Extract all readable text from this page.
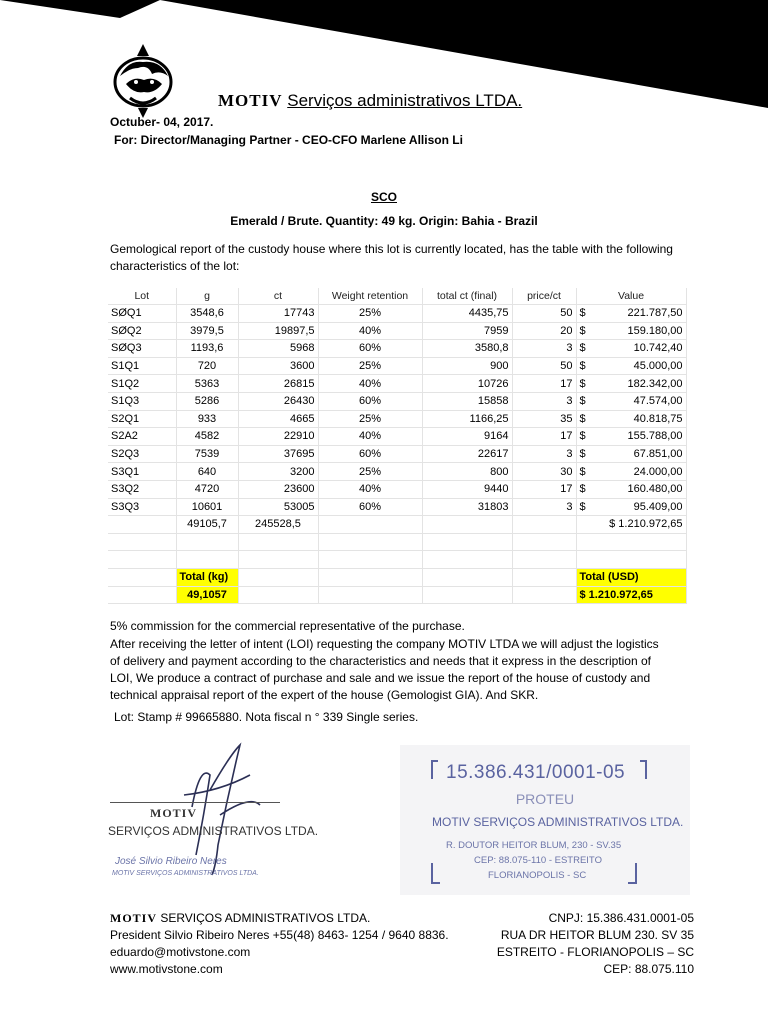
MOTIV Serviços administrativos LTDA.
Octuber- 04, 2017.
For: Director/Managing Partner - CEO-CFO Marlene Allison Li
SCO
Emerald / Brute. Quantity: 49 kg. Origin: Bahia - Brazil
Gemological report of the custody house where this lot is currently located, has the table with the following characteristics of the lot:
Lot	g	ct	Weight retention	total ct (final)	price/ct	Value	
SØQ1	3548,6	17743	25%	4435,75	50	$	221.787,50
SØQ2	3979,5	19897,5	40%	7959	20	$	159.180,00
SØQ3	1193,6	5968	60%	3580,8	3	$	10.742,40
S1Q1	720	3600	25%	900	50	$	45.000,00
S1Q2	5363	26815	40%	10726	17	$	182.342,00
S1Q3	5286	26430	60%	15858	3	$	47.574,00
S2Q1	933	4665	25%	1166,25	35	$	40.818,75
S2A2	4582	22910	40%	9164	17	$	155.788,00
S2Q3	7539	37695	60%	22617	3	$	67.851,00
S3Q1	640	3200	25%	800	30	$	24.000,00
S3Q2	4720	23600	40%	9440	17	$	160.480,00
S3Q3	10601	53005	60%	31803	3	$	95.409,00
	49105,7	245528,5				$ 1.210.972,65	

	Total (kg)					Total (USD)	
	49,1057					$ 1.210.972,65	
5% commission for the commercial representative of the purchase.
After receiving the letter of intent (LOI) requesting the company MOTIV LTDA we will adjust the logistics of delivery and payment according to the characteristics and needs that it express in the description of LOI, We produce a contract of purchase and sale and we issue the report of the house of custody and technical appraisal report of the expert of the house (Gemologist GIA). And SKR.
Lot: Stamp # 99665880. Nota fiscal n ° 339 Single series.
MOTIV
SERVIÇOS ADMINISTRATIVOS LTDA.
José Silvio Ribeiro Neres
MOTIV SERVIÇOS ADMINISTRATIVOS LTDA.
15.386.431/0001-05
PROTEU
MOTIV SERVIÇOS ADMINISTRATIVOS LTDA.
R. DOUTOR HEITOR BLUM, 230 - SV.35
CEP: 88.075-110 - ESTREITO
FLORIANOPOLIS - SC
MOTIV SERVIÇOS ADMINISTRATIVOS LTDA.
President Silvio Ribeiro Neres +55(48) 8463- 1254 / 9640 8836.
eduardo@motivstone.com
www.motivstone.com
CNPJ: 15.386.431.0001-05
RUA DR HEITOR BLUM 230. SV 35
ESTREITO - FLORIANOPOLIS – SC
CEP: 88.075.110
